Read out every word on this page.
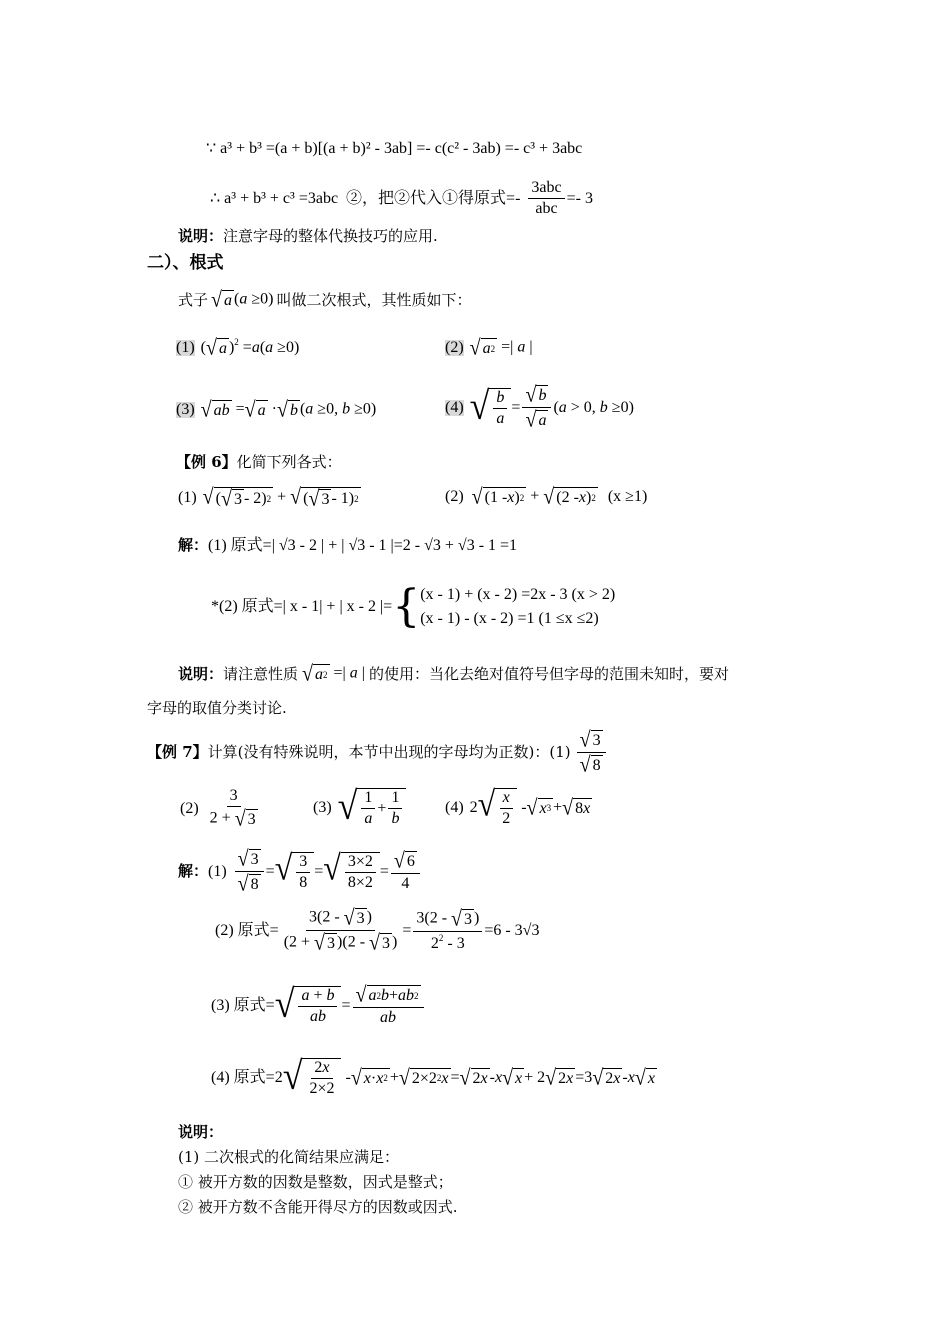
∵ a³ + b³ =(a + b)[(a + b)² - 3ab] =- c(c² - 3ab) =- c³ + 3abc
∴ a³ + b³ + c³ =3abc ②，把②代入①得原式=- $\frac{\text{3abc}}{\text{abc}} =- 3$
说明：注意字母的整体代换技巧的应用.
二）、根式
式子 √ a (a ≥0) 叫做二次根式，其性质如下：
(1) ( √ a )$^2$ =a(a ≥0)	(2) √ a 2 =| a |
(3) √ ab = √ a · √ b (a ≥0, b ≥0)	(4) √ $\frac{b}{a} = \frac{√ b}{√ a} (a > 0$, b ≥0)
【例 6】化简下列各式：
(1) √ ( √ 3 - 2) 2 + √ ( √ 3 - 1) 2	(2) √ (1 - x ) 2 + √ (2 - x ) 2 (x ≥1)
解：(1) 原式=| √3 - 2 | + | √3 - 1 |=2 - √3 + √3 - 1 =1
*(2) 原式=| x - 1| + | x - 2 |= { (x - 1) + (x - 2) =2x - 3 (x > 2)
(x - 1) - (x - 2) =1 (1 ≤x ≤2)
说明： 请注意性质 √ a 2 =| a | 的使用：当化去绝对值符号但字母的范围未知时，要对
字母的取值分类讨论.
【例 7】 计算(没有特殊说明，本节中出现的字母均为正数)：$(1) \frac{√ 3}{√ 8}$
$(2) \frac{3}{2 + √ 3}$	(3) √ $\frac{1}{a} + \frac{1}{b}$	(4) 2 √ $\frac{x}{2}$ - √ x 3 + √ 8 x
解： $(1) \frac{√ 3}{√ 8}$ = √ $\frac{3}{8}$ = √ $\frac{3\times 2}{8\times 2} = \frac{√ 6}{4}$
(2) 原式= $\frac{3(2 - √ 3 )}{(2 + √ 3 )(2 - √ 3 )} = \frac{3(2 - √ 3 )}{2^2 - 3} =6 - 3√3$
(3) 原式= √ $\frac{a + b}{ab} = \frac{√ a 2 b + ab 2}{ab}$
(4) 原式= 2 √ $\frac{2x}{2\times 2}$ - √ x · x 2 + √ 2×2 2 x = √ 2 x - x √ x + 2 √ 2 x =3 √ 2 x - x √ x
说明：
(1) 二次根式的化简结果应满足：
① 被开方数的因数是整数，因式是整式；
② 被开方数不含能开得尽方的因数或因式.
